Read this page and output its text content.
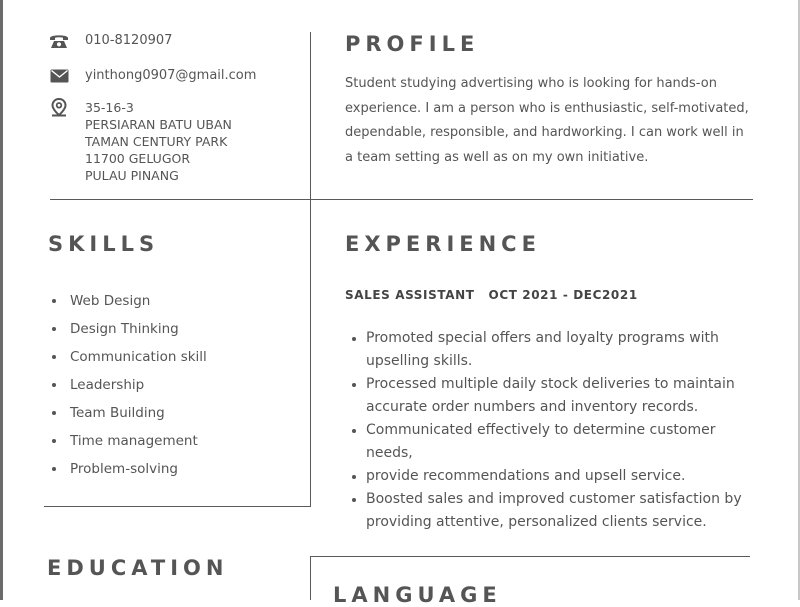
010-8120907
yinthong0907@gmail.com
35-16-3
PERSIARAN BATU UBAN
TAMAN CENTURY PARK
11700 GELUGOR
PULAU PINANG
PROFILE

Student studying advertising who is looking for hands-on experience. I am a person who is enthusiastic, self-motivated, dependable, responsible, and hardworking. I can work well in a team setting as well as on my own initiative.

SKILLS
Web Design
Design Thinking
Communication skill
Leadership
Team Building
Time management
Problem-solving
EXPERIENCE
SALES ASSISTANT OCT 2021 - DEC2021
Promoted special offers and loyalty programs with upselling skills.
Processed multiple daily stock deliveries to maintain accurate order numbers and inventory records.
Communicated effectively to determine customer needs,
provide recommendations and upsell service.
Boosted sales and improved customer satisfaction by providing attentive, personalized clients service.
EDUCATION
LANGUAGE
